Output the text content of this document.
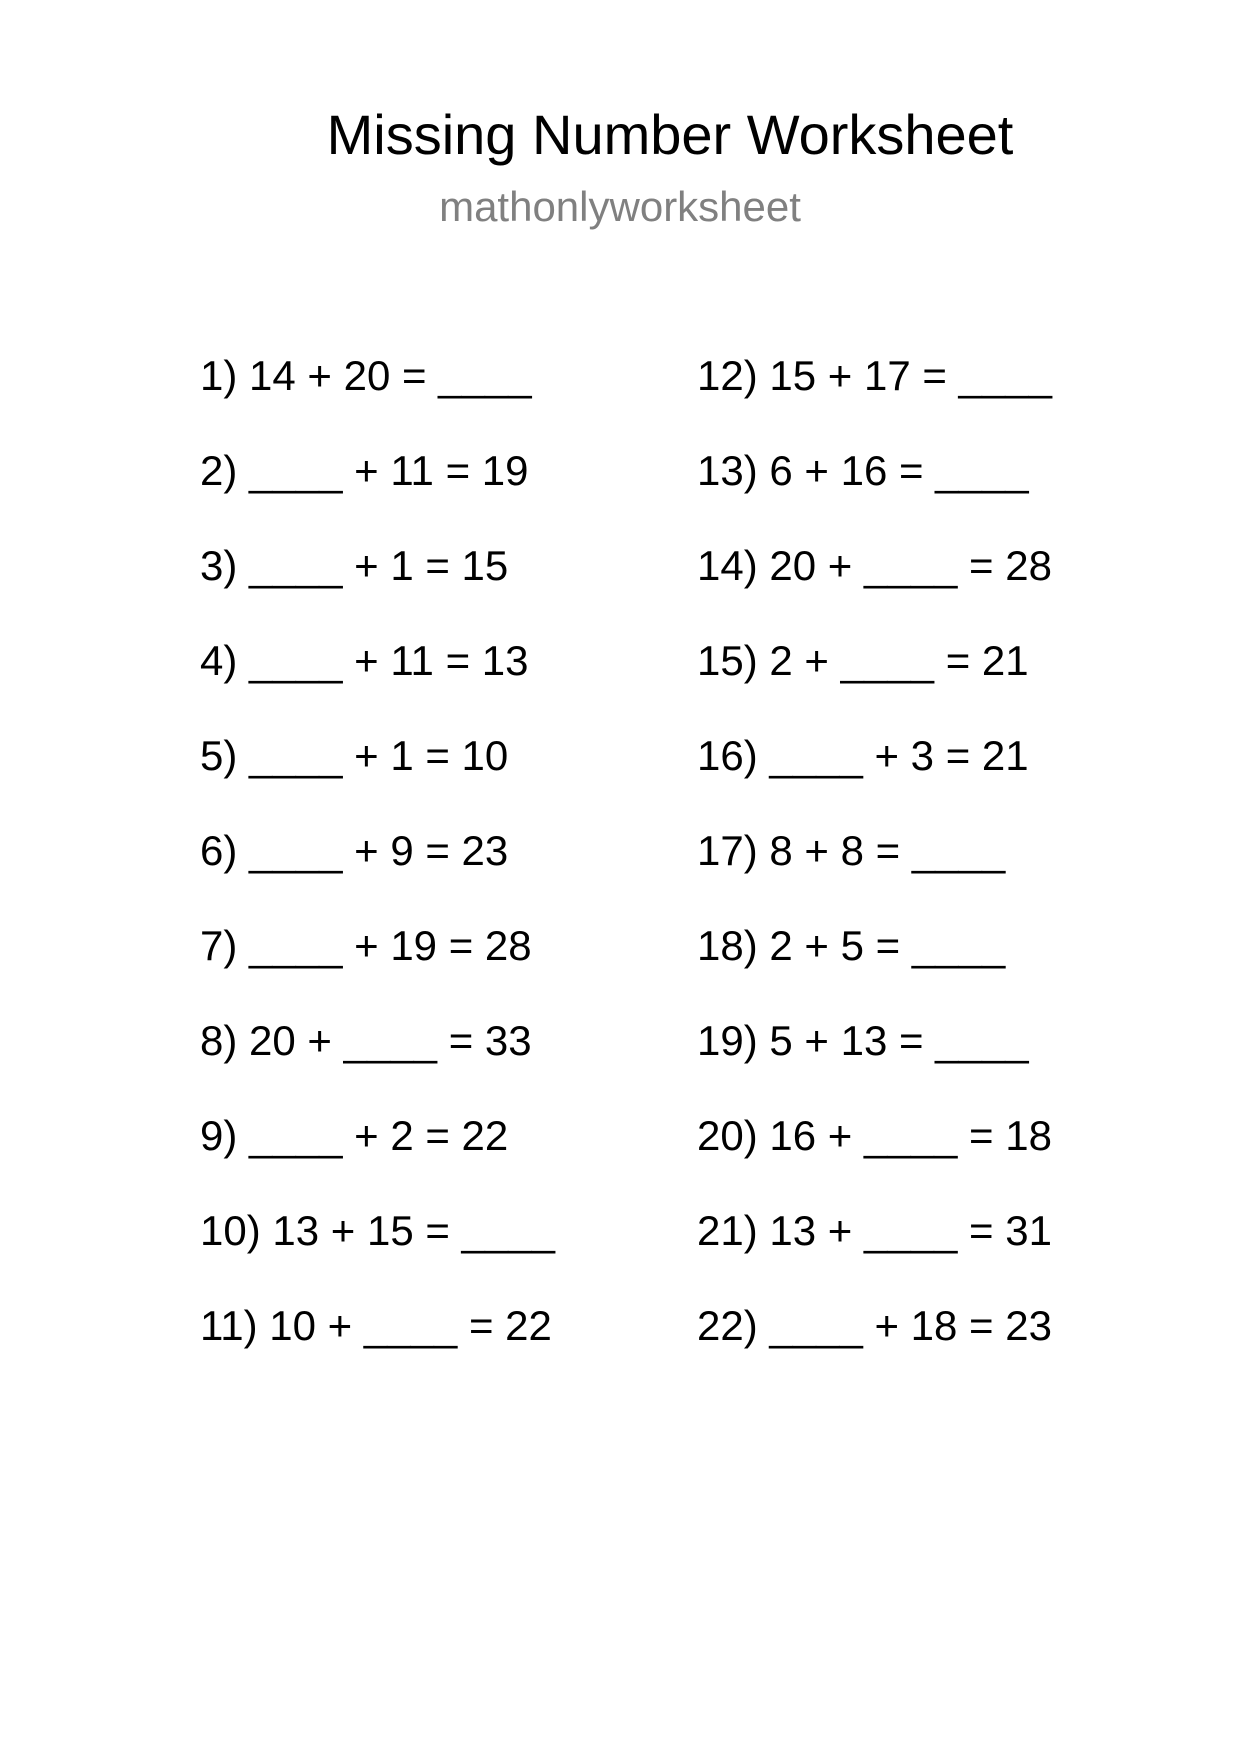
Missing Number Worksheet
mathonlyworksheet
1) 14 + 20 = ____
2) ____ + 11 = 19
3) ____ + 1 = 15
4) ____ + 11 = 13
5) ____ + 1 = 10
6) ____ + 9 = 23
7) ____ + 19 = 28
8) 20 + ____ = 33
9) ____ + 2 = 22
10) 13 + 15 = ____
11) 10 + ____ = 22
12) 15 + 17 = ____
13) 6 + 16 = ____
14) 20 + ____ = 28
15) 2 + ____ = 21
16) ____ + 3 = 21
17) 8 + 8 = ____
18) 2 + 5 = ____
19) 5 + 13 = ____
20) 16 + ____ = 18
21) 13 + ____ = 31
22) ____ + 18 = 23
